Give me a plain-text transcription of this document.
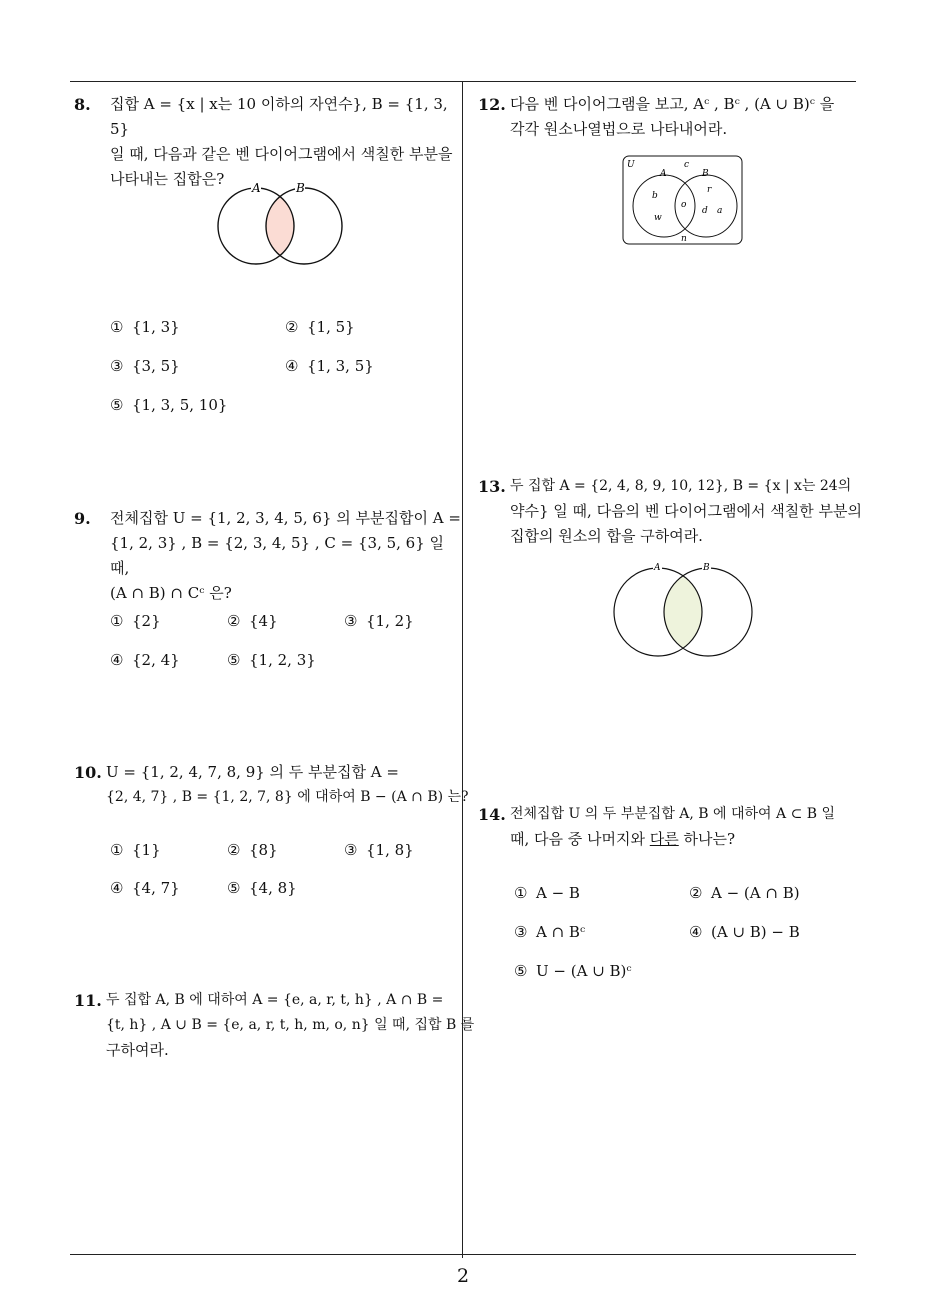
8. 집합 A = {x | x는 10 이하의 자연수}, B = {1, 3, 5}

일 때, 다음과 같은 벤 다이어그램에서 색칠한 부분을

나타내는 집합은?	A	B
① {1, 3}	② {1, 5}
③ {3, 5}	④ {1, 3, 5}
⑤ {1, 3, 5, 10}
9. 전체집합 U = {1, 2, 3, 4, 5, 6} 의 부분집합이 A =

{1, 2, 3} , B = {2, 3, 4, 5} , C = {3, 5, 6} 일 때,

(A ∩ B) ∩ Cᶜ 은?

① {2}	② {4}	③ {1, 2}
④ {2, 4}	⑤ {1, 2, 3}
10. U = {1, 2, 4, 7, 8, 9} 의 두 부분집합 A =

{2, 4, 7} , B = {1, 2, 7, 8} 에 대하여 B − (A ∩ B) 는?

① {1}	② {8}	③ {1, 8}
④ {4, 7}	⑤ {4, 8}
11. 두 집합 A, B 에 대하여 A = {e, a, r, t, h} , A ∩ B =

{t, h} , A ∪ B = {e, a, r, t, h, m, o, n} 일 때, 집합 B 를

구하여라.

12. 다음 벤 다이어그램을 보고, Aᶜ , Bᶜ , (A ∪ B)ᶜ 을

각각 원소나열법으로 나타내어라.

U
A	B
c
b
w
o
r
d a
n
13. 두 집합 A = {2, 4, 8, 9, 10, 12}, B = {x | x는 24의

약수} 일 때, 다음의 벤 다이어그램에서 색칠한 부분의

집합의 원소의 합을 구하여라.

A	B
14. 전체집합 U 의 두 부분집합 A, B 에 대하여 A ⊂ B 일

때, 다음 중 나머지와 다른 하나는?

① A − B	② A − (A ∩ B)
③ A ∩ Bᶜ	④ (A ∪ B) − B
⑤ U − (A ∪ B)ᶜ
2
